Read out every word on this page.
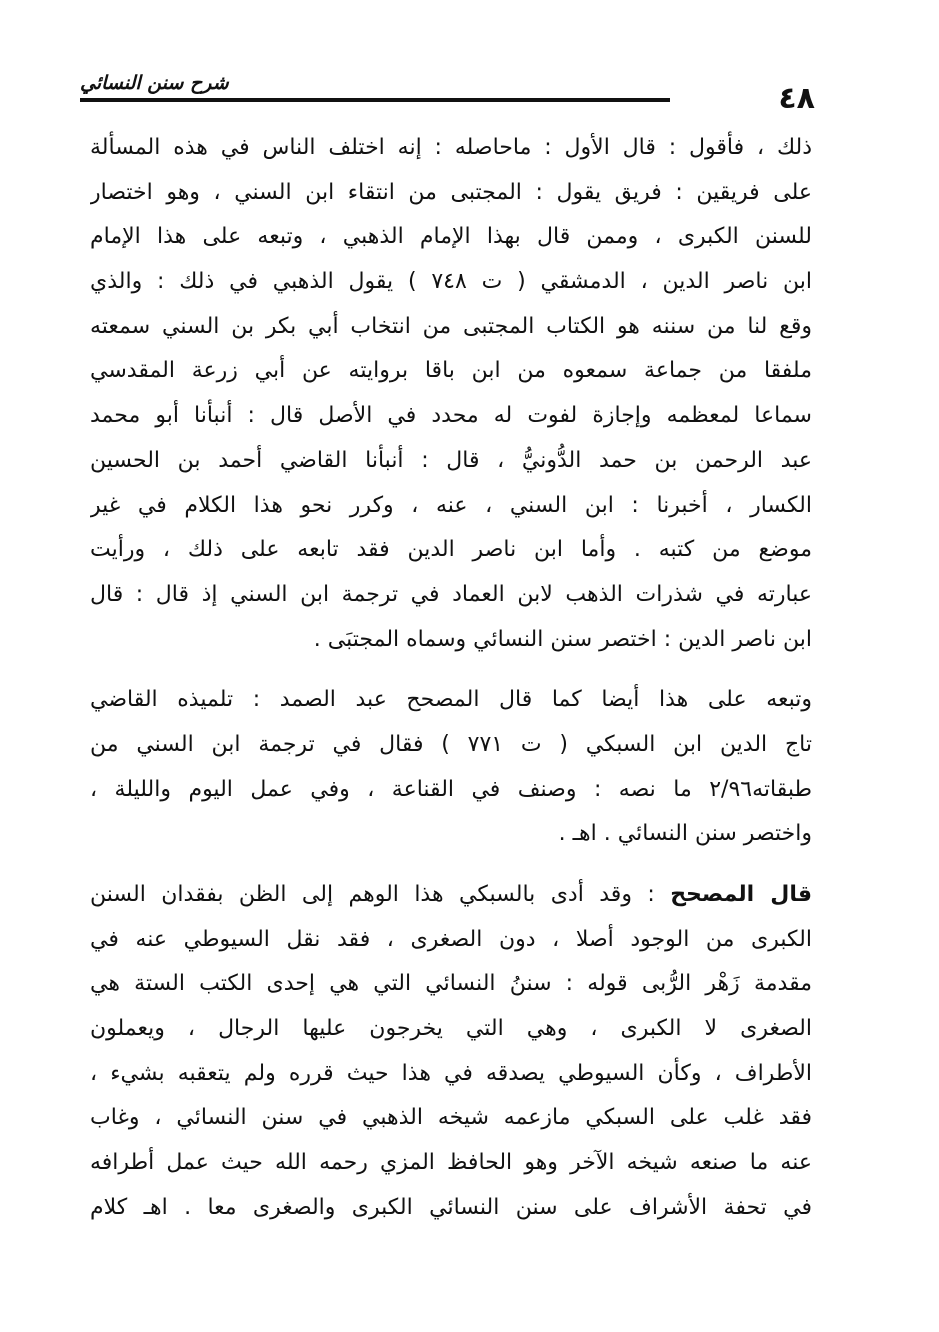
شرح سنن النسائي	٤٨
ذلك ، فأقول : قال الأول : ماحاصله : إنه اختلف الناس في هذه المسألة
على فريقين : فريق يقول : المجتبى من انتقاء ابن السني ، وهو اختصار
للسنن الكبرى ، وممن قال بهذا الإمام الذهبي ، وتبعه على هذا الإمام
ابن ناصر الدين ، الدمشقي ( ت ٧٤٨ ) يقول الذهبي في ذلك : والذي
وقع لنا من سننه هو الكتاب المجتبى من انتخاب أبي بكر بن السني سمعته
ملفقا من جماعة سمعوه من ابن باقا بروايته عن أبي زرعة المقدسي
سماعا لمعظمه وإجازة لفوت له محدد في الأصل قال : أنبأنا أبو محمد
عبد الرحمن بن حمد الدُّونيُّ ، قال : أنبأنا القاضي أحمد بن الحسين
الكسار ، أخبرنا : ابن السني ، عنه ، وكرر نحو هذا الكلام في غير
موضع من كتبه . وأما ابن ناصر الدين فقد تابعه على ذلك ، ورأيت
عبارته في شذرات الذهب لابن العماد في ترجمة ابن السني إذ قال : قال
ابن ناصر الدين : اختصر سنن النسائي وسماه المجتبَى .
وتبعه على هذا أيضا كما قال المصحح عبد الصمد : تلميذه القاضي
تاج الدين ابن السبكي ( ت ٧٧١ ) فقال في ترجمة ابن السني من
طبقاته٢/٩٦ ما نصه : وصنف في القناعة ، وفي عمل اليوم والليلة ،
واختصر سنن النسائي . اهـ .
قال المصحح : وقد أدى بالسبكي هذا الوهم إلى الظن بفقدان السنن
الكبرى من الوجود أصلا ، دون الصغرى ، فقد نقل السيوطي عنه في
مقدمة زَهْر الرُّبى قوله : سننُ النسائي التي هي إحدى الكتب الستة هي
الصغرى لا الكبرى ، وهي التي يخرجون عليها الرجال ، ويعملون
الأطراف ، وكأن السيوطي يصدقه في هذا حيث قرره ولم يتعقبه بشيء ،
فقد غلب على السبكي مازعمه شيخه الذهبي في سنن النسائي ، وغاب
عنه ما صنعه شيخه الآخر وهو الحافظ المزي رحمه الله حيث عمل أطرافه
في تحفة الأشراف على سنن النسائي الكبرى والصغرى معا . اهـ كلام
